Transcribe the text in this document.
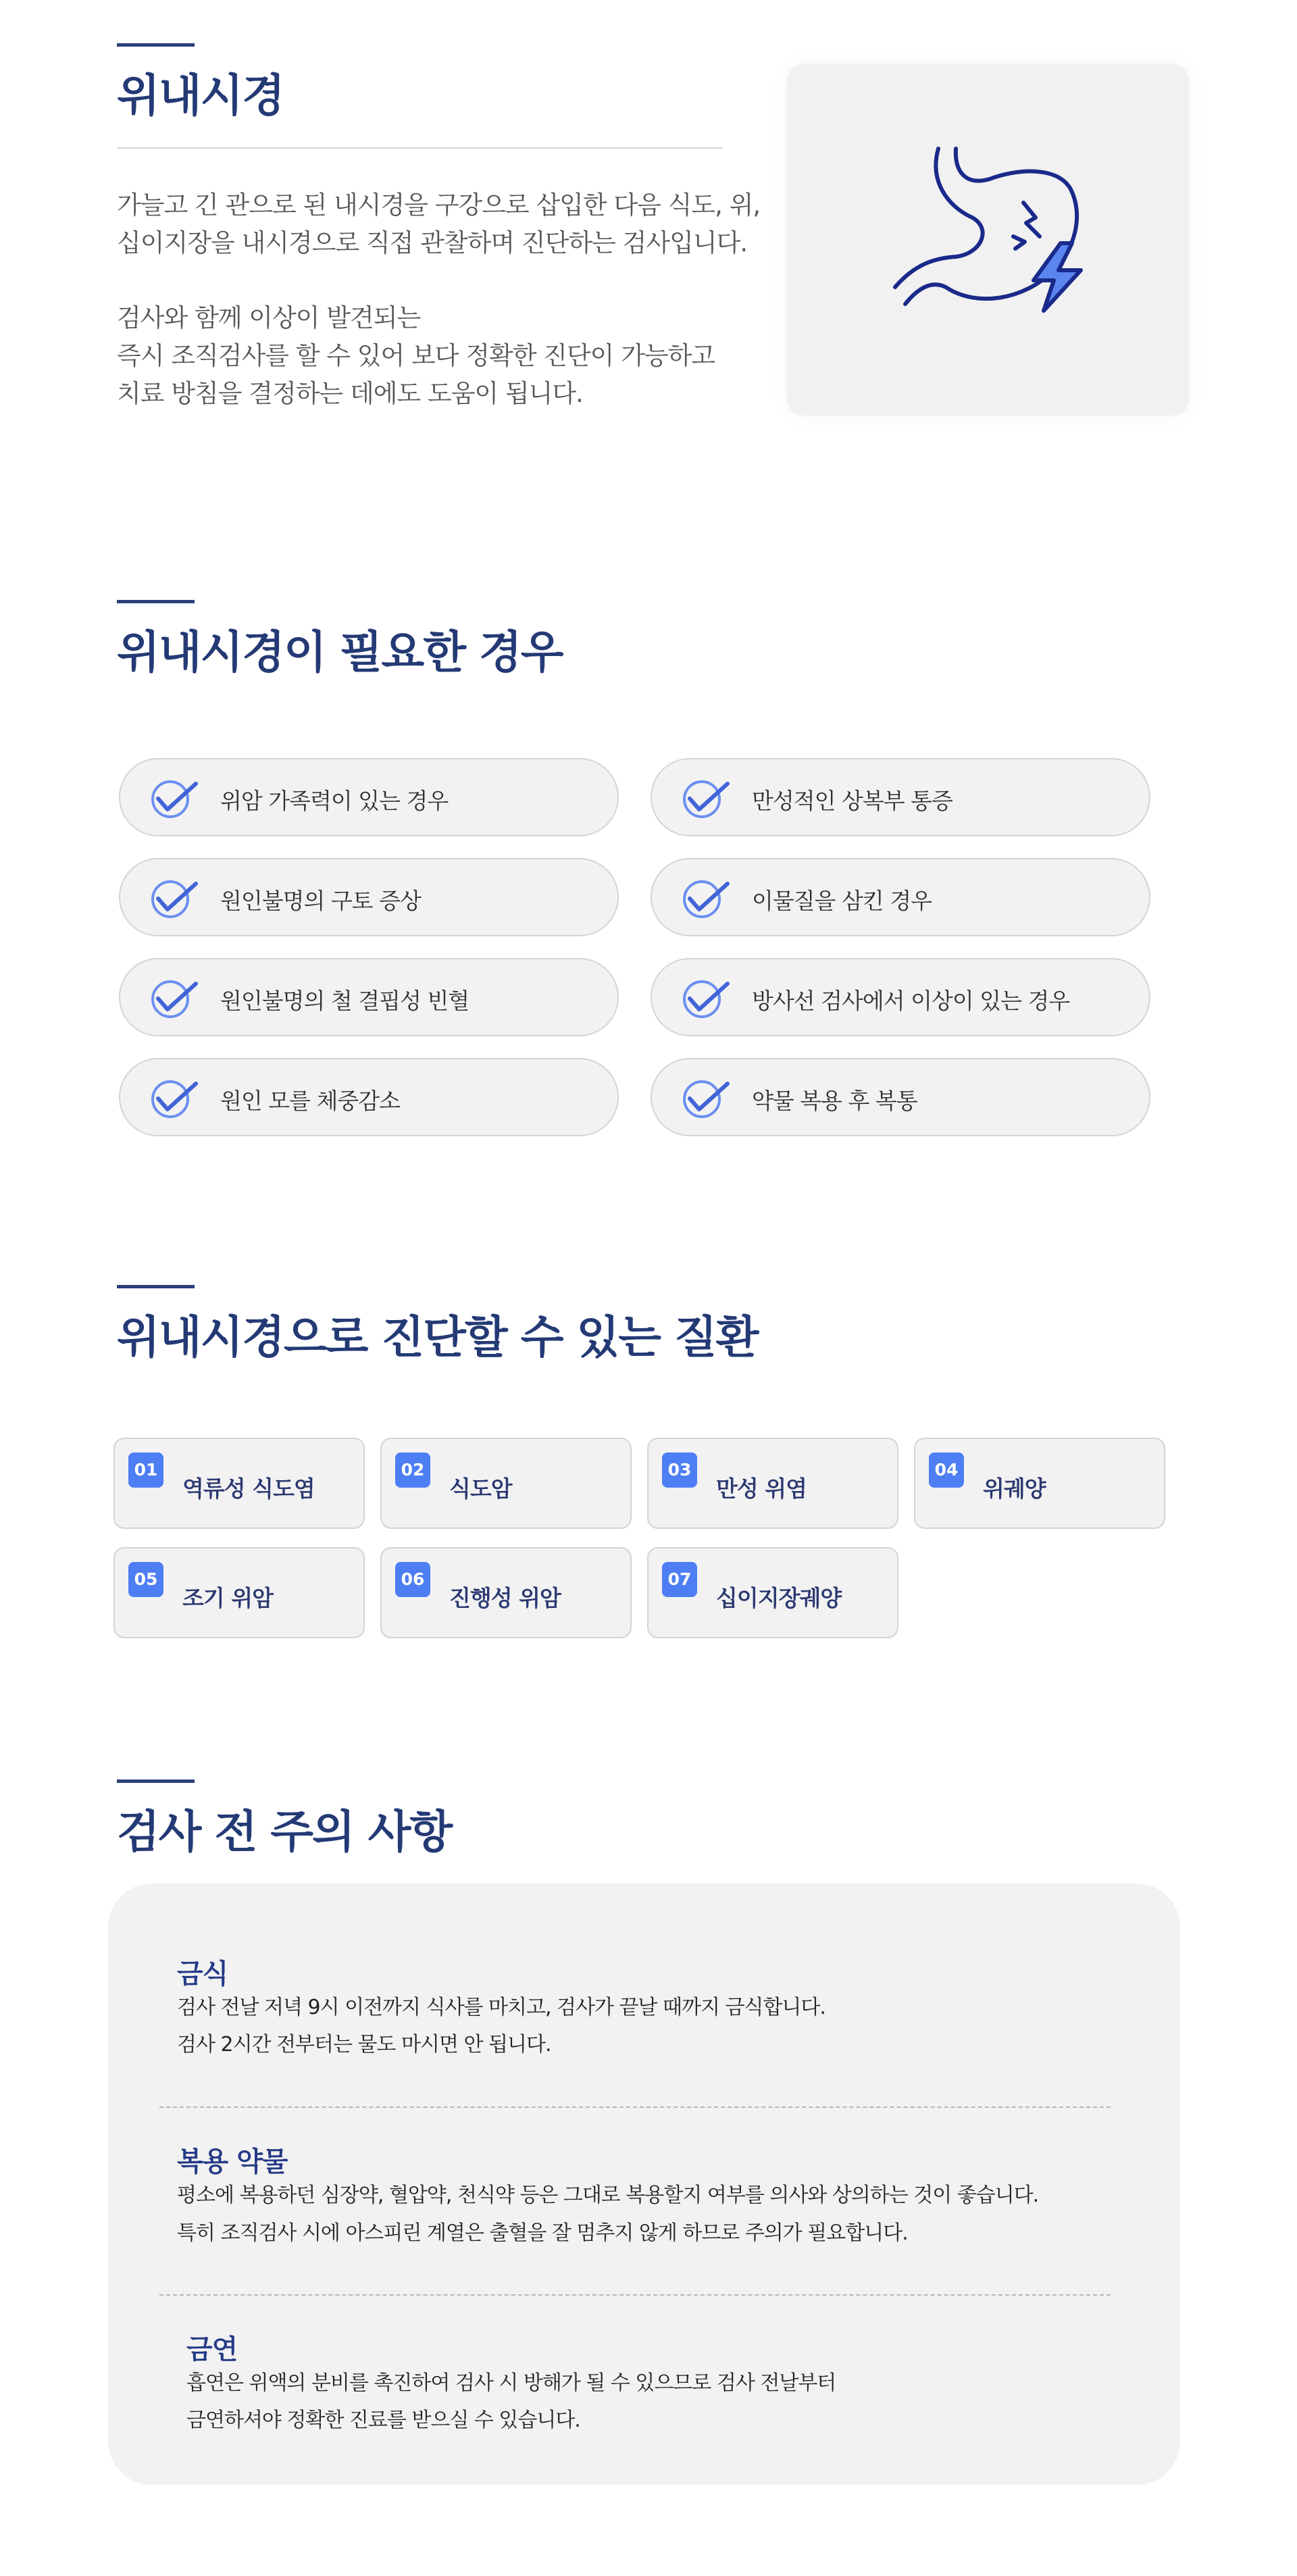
위내시경
가늘고 긴 관으로 된 내시경을 구강으로 삽입한 다음 식도, 위,
십이지장을 내시경으로 직접 관찰하며 진단하는 검사입니다.
검사와 함께 이상이 발견되는
즉시 조직검사를 할 수 있어 보다 정확한 진단이 가능하고
치료 방침을 결정하는 데에도 도움이 됩니다.
위내시경이 필요한 경우
위암 가족력이 있는 경우	만성적인 상복부 통증
원인불명의 구토 증상	이물질을 삼킨 경우
원인불명의 철 결핍성 빈혈	방사선 검사에서 이상이 있는 경우
원인 모를 체중감소	약물 복용 후 복통
위내시경으로 진단할 수 있는 질환
01
역류성 식도염
02
식도암
03
만성 위염
04
위궤양
05
조기 위암
06
진행성 위암
07
십이지장궤양
검사 전 주의 사항
금식
검사 전날 저녁 9시 이전까지 식사를 마치고, 검사가 끝날 때까지 금식합니다.
검사 2시간 전부터는 물도 마시면 안 됩니다.
복용 약물
평소에 복용하던 심장약, 혈압약, 천식약 등은 그대로 복용할지 여부를 의사와 상의하는 것이 좋습니다.
특히 조직검사 시에 아스피린 계열은 출혈을 잘 멈추지 않게 하므로 주의가 필요합니다.
금연
흡연은 위액의 분비를 촉진하여 검사 시 방해가 될 수 있으므로 검사 전날부터
금연하셔야 정확한 진료를 받으실 수 있습니다.
